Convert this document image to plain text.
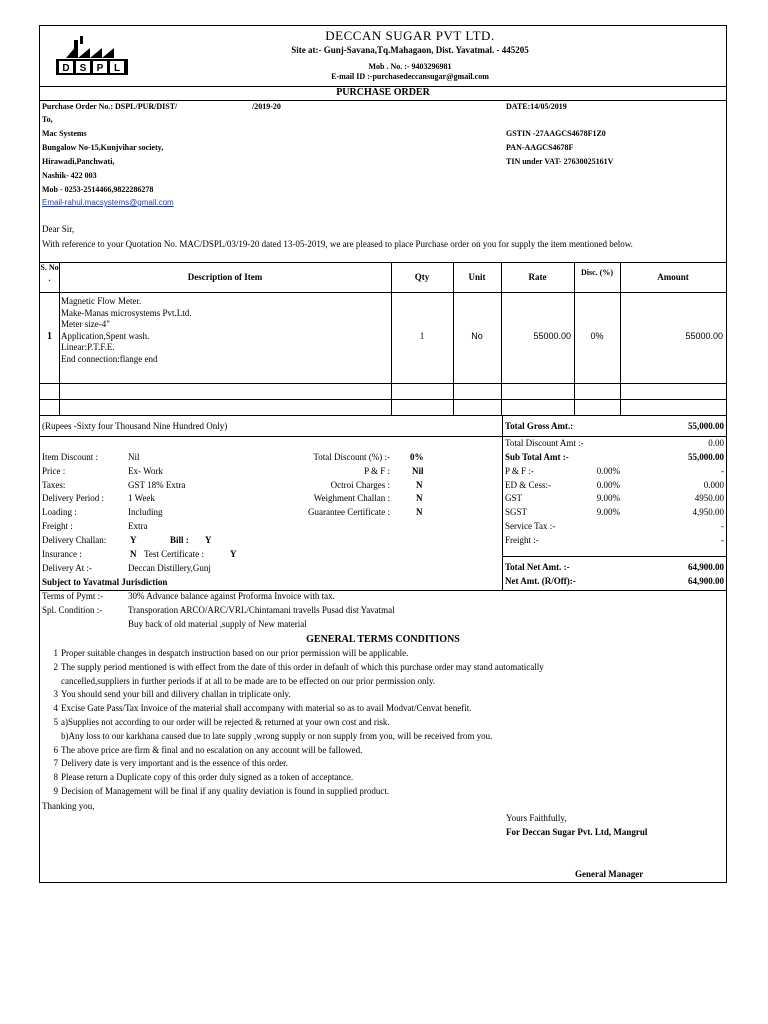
D S P L
DECCAN SUGAR PVT LTD.
Site at:- Gunj-Savana,Tq.Mahagaon, Dist. Yavatmal. - 445205
Mob . No. :- 9403296981
E-mail ID :-purchasedeccansugar@gmail.com
PURCHASE ORDER
Purchase Order No.: DSPL/PUR/DIST/	/2019-20	DATE:14/05/2019
To,
Mac Systems
Bungalow No-15,Kunjvihar society,
Hirawadi,Panchwati,
Nashik- 422 003
Mob - 0253-2514466,9822286278
Email-rahul.macsystems@gmail.com
GSTIN -27AAGCS4678F1Z0
PAN-AAGCS4678F
TIN under VAT- 27630025161V
Dear Sir,
With reference to your Quotation No. MAC/DSPL/03/19-20 dated 13-05-2019, we are pleased to place Purchase order on you for supply the item mentioned below.
S. No .	Description of Item	Qty	Unit	Rate	Disc. (%)	Amount
1
Magnetic Flow Meter.
Make-Manas microsystems Pvt.Ltd.
Meter size-4"
Application,Spent wash.
Linear:P.T.F.E.
End connection:flange end
1	No	55000.00	0%	55000.00
Total Gross Amt.:	55,000.00
Total Discount Amt :-	0.00
Sub Total Amt :-	55,000.00
P & F :-	0.00%	-
ED & Cess:-	0.00%	0.000
GST	9.00%	4950.00
SGST	9.00%	4,950.00
Service Tax :-	-
Freight :-	-
Total Net Amt. :-	64,900.00
Net Amt. (R/Off):-	64,900.00
(Rupees -Sixty four Thousand Nine Hundred Only)
Item Discount :	Nil
Price :	Ex- Work
Taxes:	GST 18% Extra
Delivery Period :	1 Week
Loading :	Including
Freight :	Extra
Total Discount (%) :- 0%
P & F : Nil
Octroi Charges :	N
Weighment Challan :	N
Guarantee Certificate :	N
Delivery Challan:	Y	Bill : Y
Insurance :	N Test Certificate :	Y
Delivery At :-	Deccan Distillery,Gunj
Subject to Yavatmal Jurisdiction
Terms of Pymt :-	30% Advance balance against Proforma Invoice with tax.
Spl. Condition :-	Transporation ARCO/ARC/VRL/Chintamani travells Pusad dist Yavatmal
Buy back of old material ,supply of New material
GENERAL TERMS CONDITIONS
1 Proper suitable changes in despatch instruction based on our prior permission will be applicable.
2 The supply period mentioned is with effect from the date of this order in default of which this purchase order may stand automatically
cancelled,suppliers in further periods if at all to be made are to be effected on our prior permission only.
3 You should send your bill and dilivery challan in triplicate only.
4 Excise Gate Pass/Tax Invoice of the material shall accompany with material so as to avail Modvat/Cenvat benefit.
5 a)Supplies not according to our order will be rejected & returned at your own cost and risk.
b)Any loss to our karkhana caused due to late supply ,wrong supply or non supply from you, will be received from you.
6 The above price are firm & final and no escalation on any account will be fallowed.
7 Delivery date is very important and is the essence of this order.
8 Please return a Duplicate copy of this order duly signed as a token of acceptance.
9 Decision of Management will be final if any quality deviation is found in supplied product.
Thanking you,
Yours Faithfully,
For Deccan Sugar Pvt. Ltd, Mangrul
General Manager
